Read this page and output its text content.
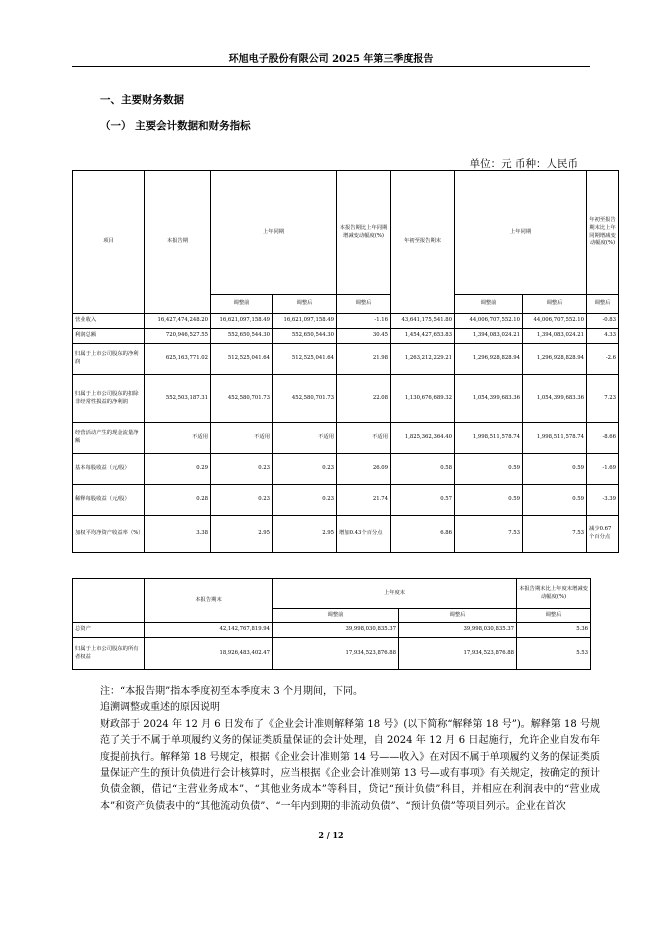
环旭电子股份有限公司 2025 年第三季度报告
一、主要财务数据
（一） 主要会计数据和财务指标
单位：元 币种：人民币
项目	本报告期	上年同期		本报告期比上年同期增减变动幅度(%)	年初至报告期末	上年同期		年初至报告期末比上年同期增减变动幅度(%)
		调整前	调整后	调整后		调整前	调整后	调整后
营业收入	16,427,474,248.20	16,621,097,158.49	16,621,097,158.49	-1.16	43,641,175,541.80	44,006,707,552.10	44,006,707,552.10	-0.83
利润总额	720,946,527.55	552,650,544.30	552,650,544.30	30.45	1,454,427,653.83	1,394,083,024.21	1,394,083,024.21	4.33
归属于上市公司股东的净利润	625,163,771.02	512,525,041.64	512,525,041.64	21.98	1,263,212,229.21	1,296,928,828.94	1,296,928,828.94	-2.6
归属于上市公司股东的扣除非经常性损益的净利润	552,503,187.31	452,580,701.73	452,580,701.73	22.08	1,130,676,689.32	1,054,399,683.36	1,054,399,683.36	7.23
经营活动产生的现金流量净额	不适用	不适用	不适用	不适用	1,825,362,364.40	1,998,511,578.74	1,998,511,578.74	-8.66
基本每股收益（元/股）	0.29	0.23	0.23	26.09	0.58	0.59	0.59	-1.69
稀释每股收益（元/股）	0.28	0.23	0.23	21.74	0.57	0.59	0.59	-3.39
加权平均净资产收益率（%）	3.38	2.95	2.95	增加0.43个百分点	6.86	7.53	7.53	减少0.67个百分点
	本报告期末	上年度末		本报告期末比上年度末增减变动幅度(%)
		调整前	调整后	调整后
总资产	42,142,767,819.94	39,998,030,835.37	39,998,030,835.37	5.36
归属于上市公司股东的所有者权益	18,926,483,402.47	17,934,523,876.88	17,934,523,876.88	5.53

注：“本报告期”指本季度初至本季度末 3 个月期间，下同。

追溯调整或重述的原因说明

财政部于 2024 年 12 月 6 日发布了《企业会计准则解释第 18 号》(以下简称“解释第 18 号”)。解释第 18 号规范了关于不属于单项履约义务的保证类质量保证的会计处理，自 2024 年 12 月 6 日起施行，允许企业自发布年度提前执行。解释第 18 号规定，根据《企业会计准则第 14 号——收入》在对因不属于单项履约义务的保证类质量保证产生的预计负债进行会计核算时，应当根据《企业会计准则第 13 号—或有事项》有关规定，按确定的预计负债金额，借记“主营业务成本”、“其他业务成本”等科目，贷记“预计负债”科目，并相应在利润表中的“营业成本”和资产负债表中的“其他流动负债”、“一年内到期的非流动负债”、“预计负债”等项目列示。企业在首次

2 / 12
